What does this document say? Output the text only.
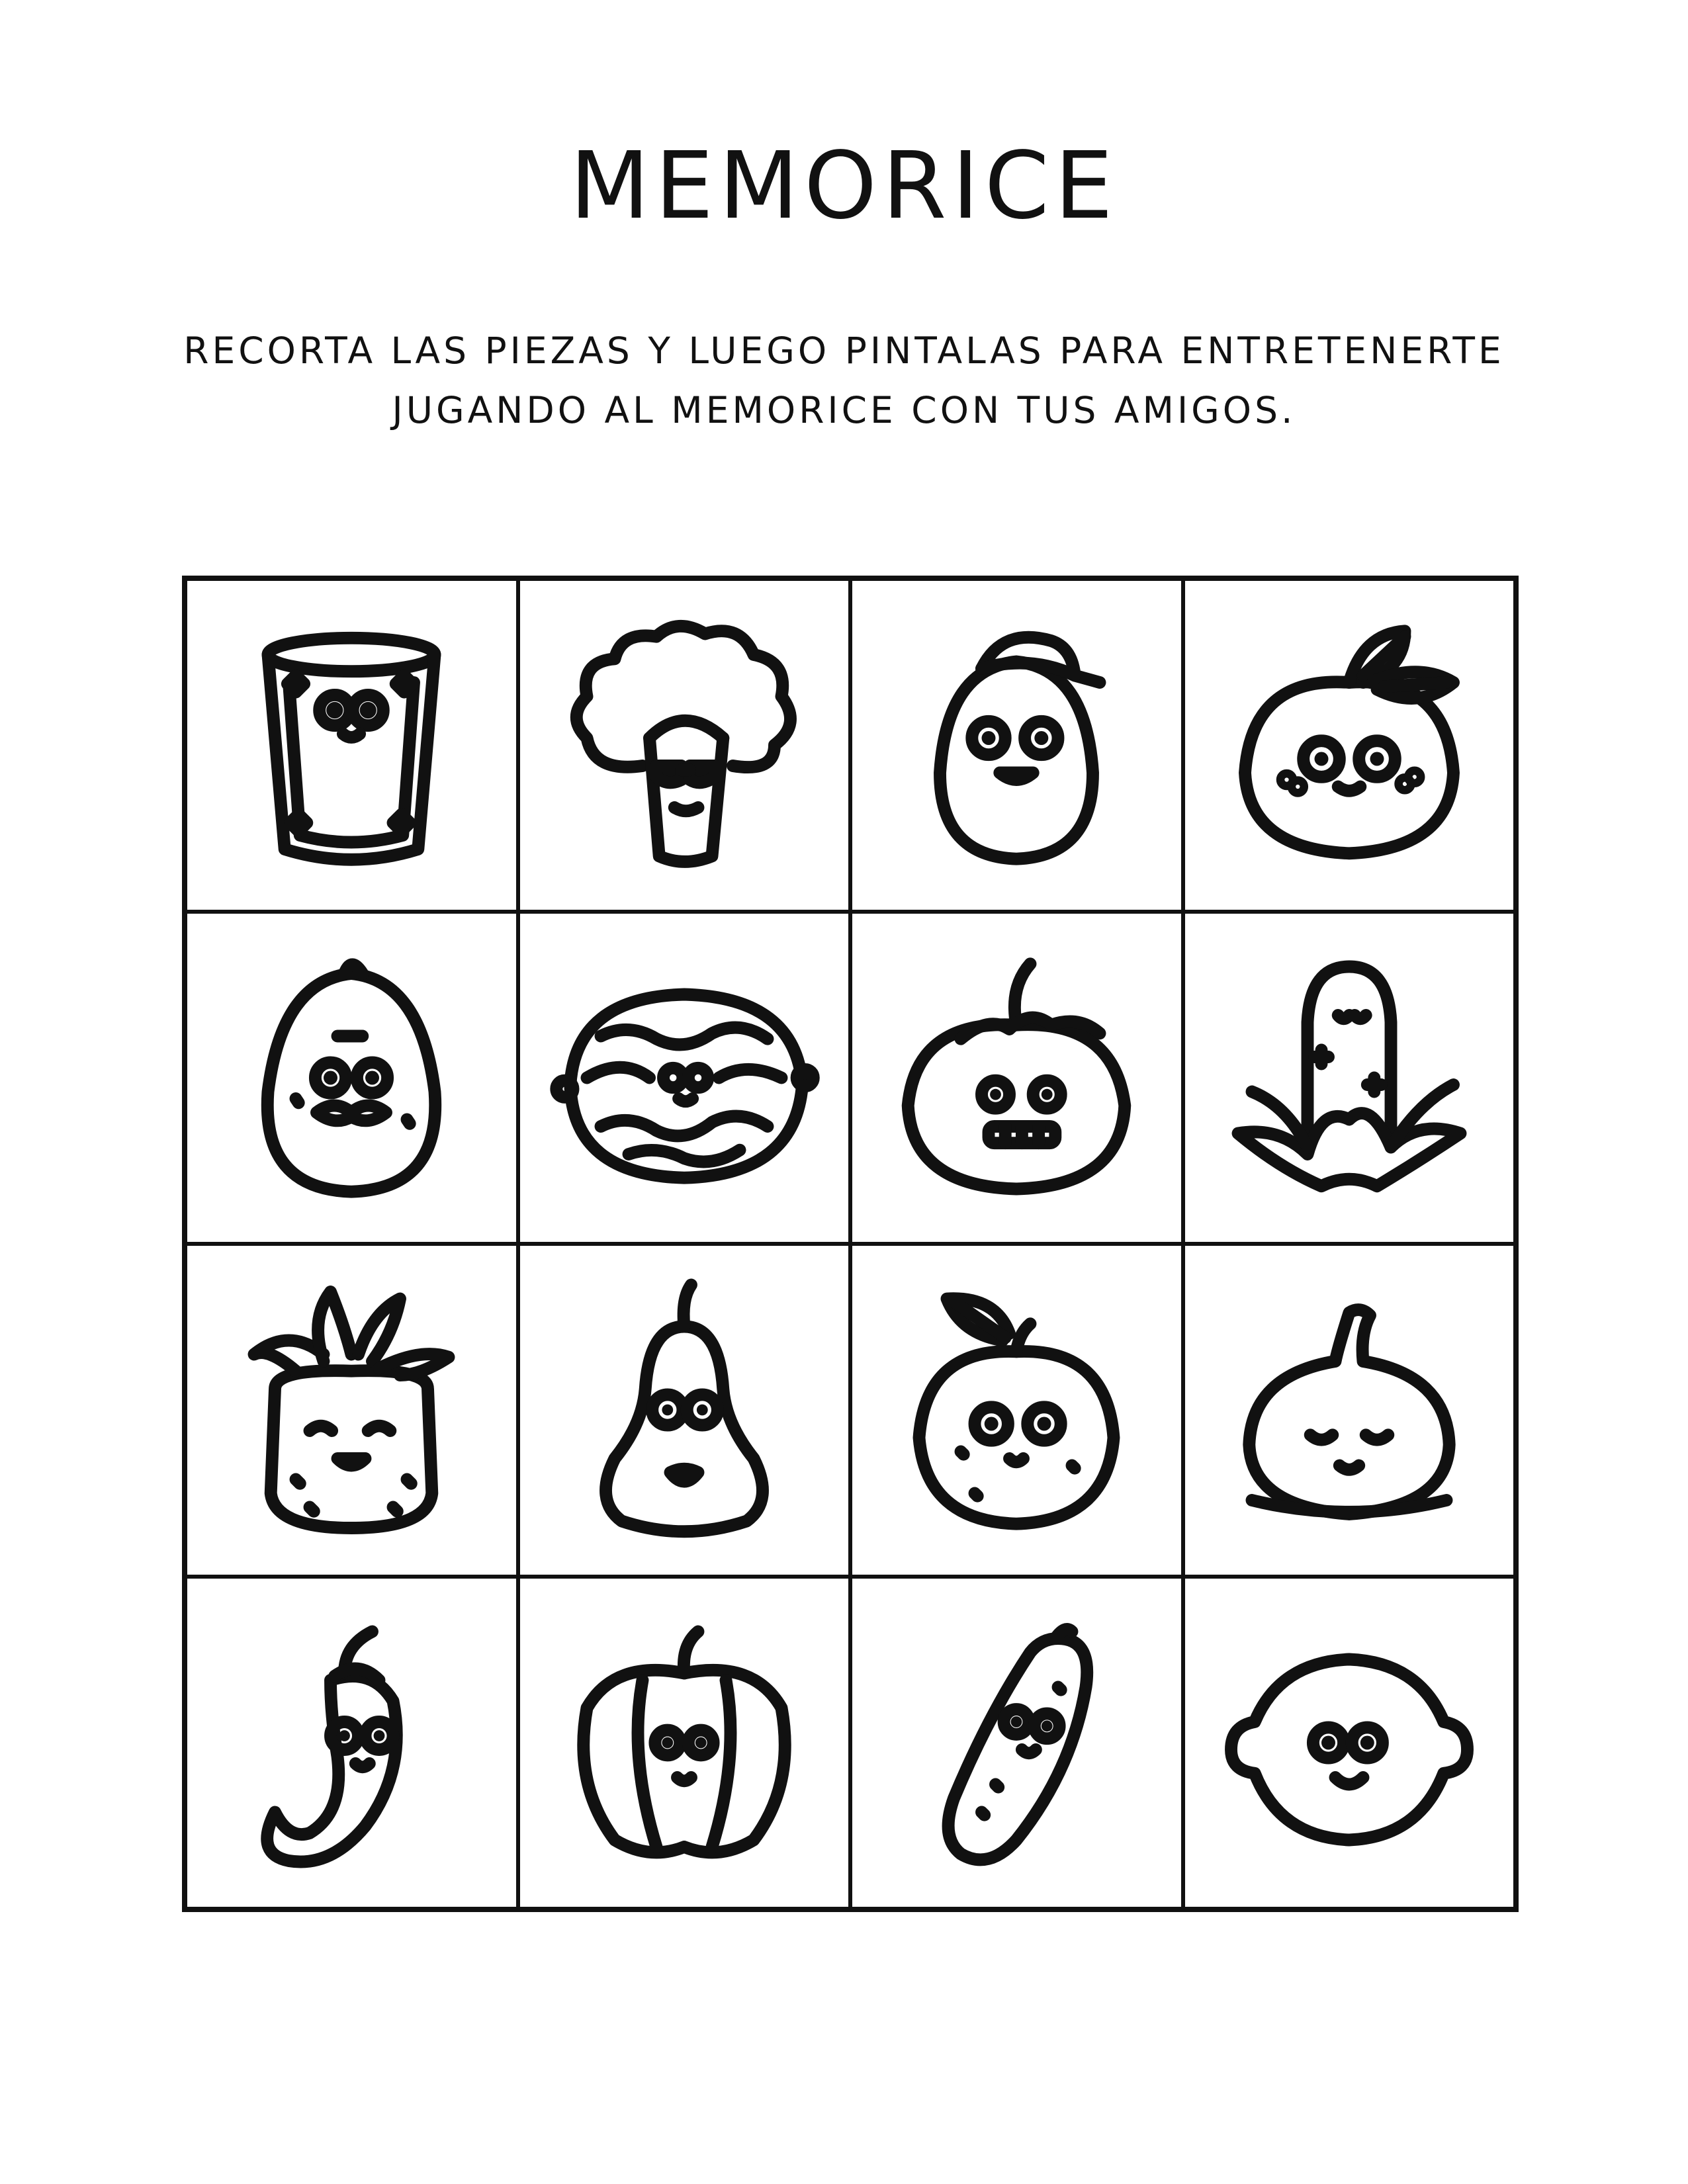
MEMORICE
RECORTA LAS PIEZAS Y LUEGO PINTALAS PARA ENTRETENERTE
JUGANDO AL MEMORICE CON TUS AMIGOS.
